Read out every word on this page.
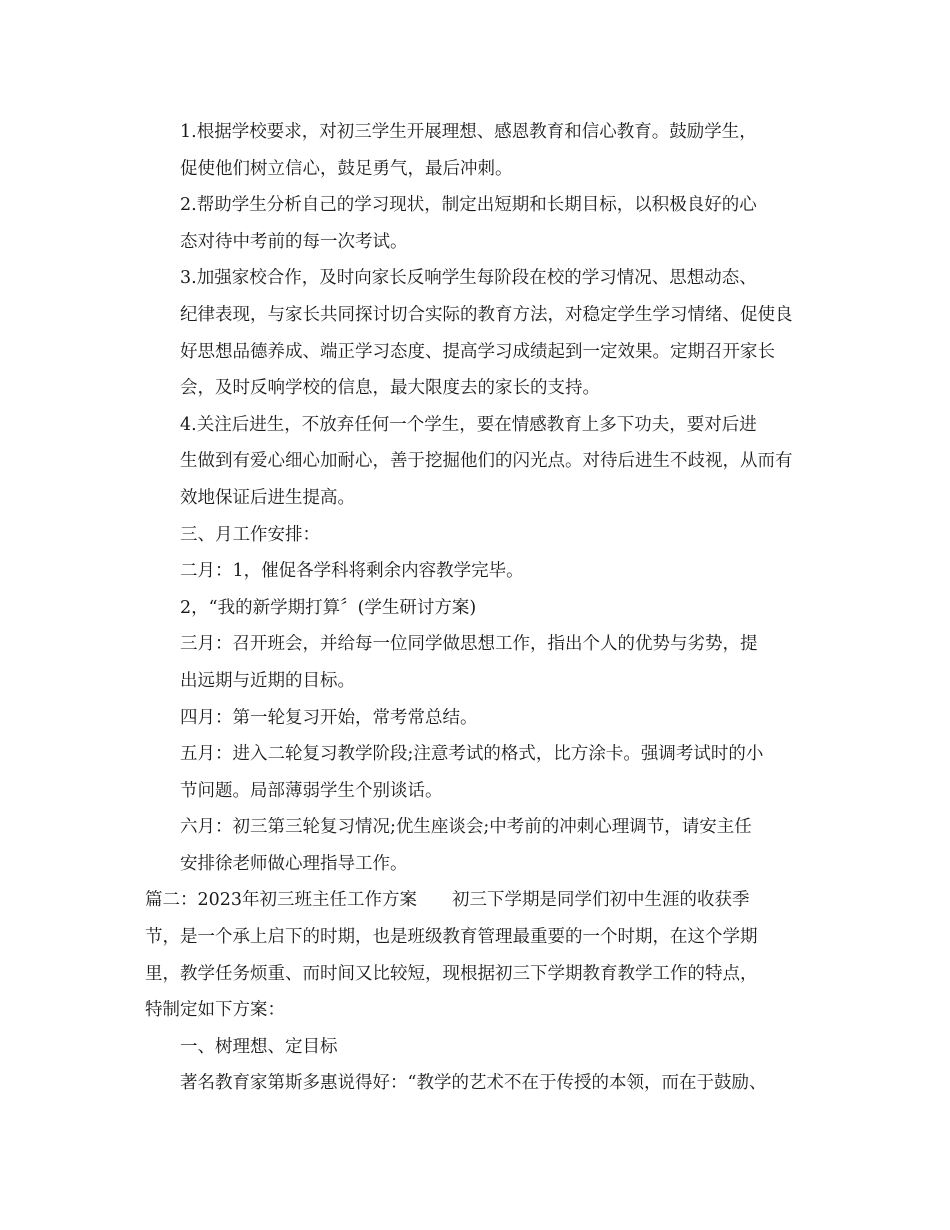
1.根据学校要求，对初三学生开展理想、感恩教育和信心教育。鼓励学生，
促使他们树立信心，鼓足勇气，最后冲刺。

2.帮助学生分析自己的学习现状，制定出短期和长期目标，以积极良好的心
态对待中考前的每一次考试。

3.加强家校合作，及时向家长反响学生每阶段在校的学习情况、思想动态、
纪律表现，与家长共同探讨切合实际的教育方法，对稳定学生学习情绪、促使良
好思想品德养成、端正学习态度、提高学习成绩起到一定效果。定期召开家长
会，及时反响学校的信息，最大限度去的家长的支持。

4.关注后进生，不放弃任何一个学生，要在情感教育上多下功夫，要对后进
生做到有爱心细心加耐心，善于挖掘他们的闪光点。对待后进生不歧视，从而有
效地保证后进生提高。

三、月工作安排：

二月：1，催促各学科将剩余内容教学完毕。

2，“我的新学期打算〞(学生研讨方案)

三月：召开班会，并给每一位同学做思想工作，指出个人的优势与劣势，提
出远期与近期的目标。

四月：第一轮复习开始，常考常总结。

五月：进入二轮复习教学阶段;注意考试的格式，比方涂卡。强调考试时的小
节问题。局部薄弱学生个别谈话。

六月：初三第三轮复习情况;优生座谈会;中考前的冲刺心理调节，请安主任
安排徐老师做心理指导工作。

篇二：2023年初三班主任工作方案　　初三下学期是同学们初中生涯的收获季
节，是一个承上启下的时期，也是班级教育管理最重要的一个时期，在这个学期
里，教学任务烦重、而时间又比较短，现根据初三下学期教育教学工作的特点，
特制定如下方案：

一、树理想、定目标

著名教育家第斯多惠说得好：“教学的艺术不在于传授的本领，而在于鼓励、
